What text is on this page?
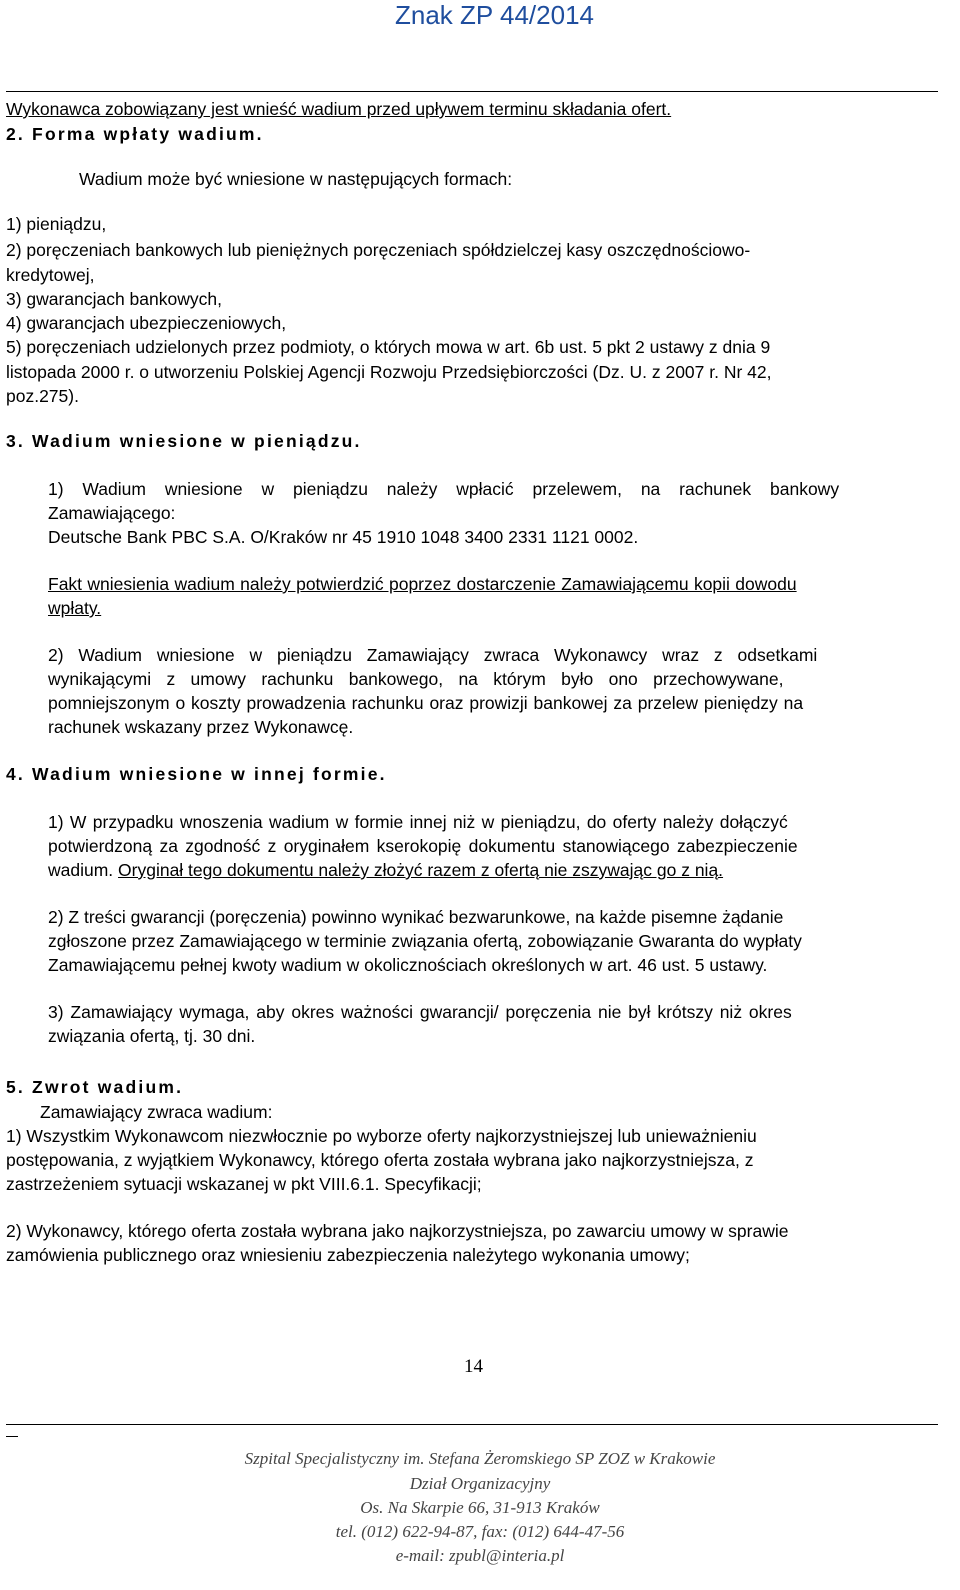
Znak ZP 44/2014
Wykonawca zobowiązany jest wnieść wadium przed upływem terminu składania ofert.
2. Forma wpłaty wadium.
Wadium może być wniesione w następujących formach:
1) pieniądzu,
2) poręczeniach bankowych lub pieniężnych poręczeniach spółdzielczej kasy oszczędnościowo-
kredytowej,
3) gwarancjach bankowych,
4) gwarancjach ubezpieczeniowych,
5) poręczeniach udzielonych przez podmioty, o których mowa w art. 6b ust. 5 pkt 2 ustawy z dnia 9
listopada 2000 r. o utworzeniu Polskiej Agencji Rozwoju Przedsiębiorczości (Dz. U. z 2007 r. Nr 42,
poz.275).
3. Wadium wniesione w pieniądzu.
1) Wadium wniesione w pieniądzu należy wpłacić przelewem, na rachunek bankowy
Zamawiającego:
Deutsche Bank PBC S.A. O/Kraków nr 45 1910 1048 3400 2331 1121 0002.
Fakt wniesienia wadium należy potwierdzić poprzez dostarczenie Zamawiającemu kopii dowodu
wpłaty.
2) Wadium wniesione w pieniądzu Zamawiający zwraca Wykonawcy wraz z odsetkami
wynikającymi z umowy rachunku bankowego, na którym było ono przechowywane,
pomniejszonym o koszty prowadzenia rachunku oraz prowizji bankowej za przelew pieniędzy na
rachunek wskazany przez Wykonawcę.
4. Wadium wniesione w innej formie.
1) W przypadku wnoszenia wadium w formie innej niż w pieniądzu, do oferty należy dołączyć
potwierdzoną za zgodność z oryginałem kserokopię dokumentu stanowiącego zabezpieczenie
wadium. Oryginał tego dokumentu należy złożyć razem z ofertą nie zszywając go z nią.
2) Z treści gwarancji (poręczenia) powinno wynikać bezwarunkowe, na każde pisemne żądanie
zgłoszone przez Zamawiającego w terminie związania ofertą, zobowiązanie Gwaranta do wypłaty
Zamawiającemu pełnej kwoty wadium w okolicznościach określonych w art. 46 ust. 5 ustawy.
3) Zamawiający wymaga, aby okres ważności gwarancji/ poręczenia nie był krótszy niż okres
związania ofertą, tj. 30 dni.
5. Zwrot wadium.
Zamawiający zwraca wadium:
1) Wszystkim Wykonawcom niezwłocznie po wyborze oferty najkorzystniejszej lub unieważnieniu
postępowania, z wyjątkiem Wykonawcy, którego oferta została wybrana jako najkorzystniejsza, z
zastrzeżeniem sytuacji wskazanej w pkt VIII.6.1. Specyfikacji;
2) Wykonawcy, którego oferta została wybrana jako najkorzystniejsza, po zawarciu umowy w sprawie
zamówienia publicznego oraz wniesieniu zabezpieczenia należytego wykonania umowy;
14
Szpital Specjalistyczny im. Stefana Żeromskiego SP ZOZ w Krakowie
Dział Organizacyjny
Os. Na Skarpie 66, 31-913 Kraków
tel. (012) 622-94-87, fax: (012) 644-47-56
e-mail: zpubl@interia.pl
